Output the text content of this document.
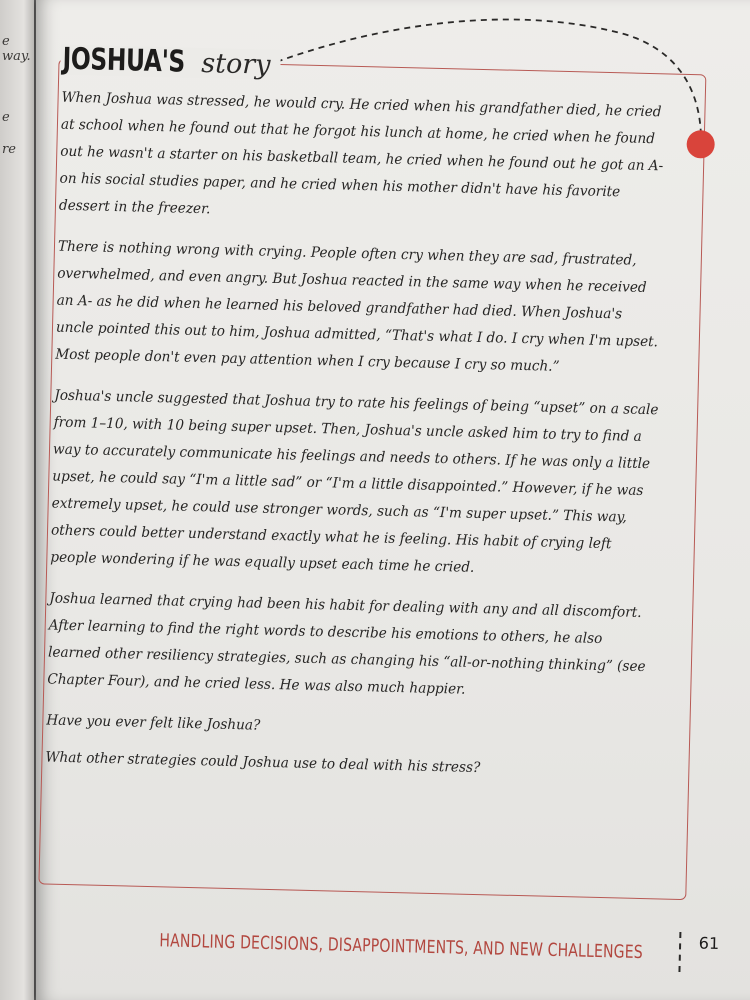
e way.
e
re
JOSHUA'S story

When Joshua was stressed, he would cry. He cried when his grandfather died, he cried at school when he found out that he forgot his lunch at home, he cried when he found out he wasn't a starter on his basketball team, he cried when he found out he got an A- on his social studies paper, and he cried when his mother didn't have his favorite dessert in the freezer.

There is nothing wrong with crying. People often cry when they are sad, frustrated, overwhelmed, and even angry. But Joshua reacted in the same way when he received an A- as he did when he learned his beloved grandfather had died. When Joshua's uncle pointed this out to him, Joshua admitted, “That's what I do. I cry when I'm upset. Most people don't even pay attention when I cry because I cry so much.”

Joshua's uncle suggested that Joshua try to rate his feelings of being “upset” on a scale from 1–10, with 10 being super upset. Then, Joshua's uncle asked him to try to find a way to accurately communicate his feelings and needs to others. If he was only a little upset, he could say “I'm a little sad” or “I'm a little disappointed.” However, if he was extremely upset, he could use stronger words, such as “I'm super upset.” This way, others could better understand exactly what he is feeling. His habit of crying left people wondering if he was equally upset each time he cried.

Joshua learned that crying had been his habit for dealing with any and all discomfort. After learning to find the right words to describe his emotions to others, he also learned other resiliency strategies, such as changing his “all-or-nothing thinking” (see Chapter Four), and he cried less. He was also much happier.

Have you ever felt like Joshua?

What other strategies could Joshua use to deal with his stress?

HANDLING DECISIONS, DISAPPOINTMENTS, AND NEW CHALLENGES	61
